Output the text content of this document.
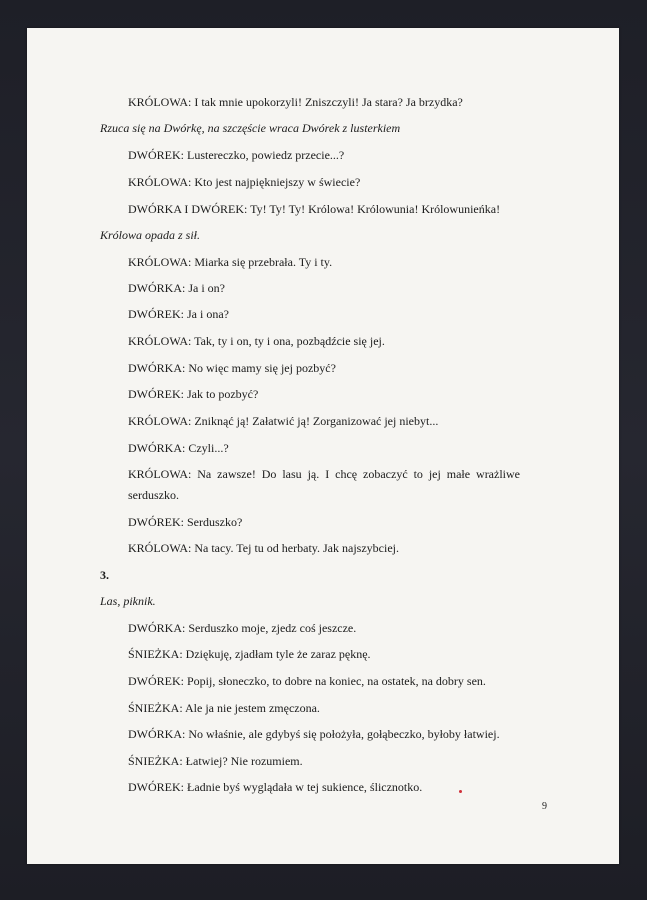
KRÓLOWA: I tak mnie upokorzyli! Zniszczyli! Ja stara? Ja brzydka?
Rzuca się na Dwórkę, na szczęście wraca Dwórek z lusterkiem
DWÓREK: Lustereczko, powiedz przecie...?
KRÓLOWA: Kto jest najpiękniejszy w świecie?
DWÓRKA I DWÓREK: Ty! Ty! Ty! Królowa! Królowunia! Królowunieńka!
Królowa opada z sił.
KRÓLOWA: Miarka się przebrała. Ty i ty.
DWÓRKA: Ja i on?
DWÓREK: Ja i ona?
KRÓLOWA: Tak, ty i on, ty i ona, pozbądźcie się jej.
DWÓRKA: No więc mamy się jej pozbyć?
DWÓREK: Jak to pozbyć?
KRÓLOWA: Zniknąć ją! Załatwić ją! Zorganizować jej niebyt...
DWÓRKA: Czyli...?
KRÓLOWA: Na zawsze! Do lasu ją. I chcę zobaczyć to jej małe wrażliwe
serduszko.
DWÓREK: Serduszko?
KRÓLOWA: Na tacy. Tej tu od herbaty. Jak najszybciej.
3.
Las, piknik.
DWÓRKA: Serduszko moje, zjedz coś jeszcze.
ŚNIEŻKA: Dziękuję, zjadłam tyle że zaraz pęknę.
DWÓREK: Popij, słoneczko, to dobre na koniec, na ostatek, na dobry sen.
ŚNIEŻKA: Ale ja nie jestem zmęczona.
DWÓRKA: No właśnie, ale gdybyś się położyła, gołąbeczko, byłoby łatwiej.
ŚNIEŻKA: Łatwiej? Nie rozumiem.
DWÓREK: Ładnie byś wyglądała w tej sukience, ślicznotko.
9
